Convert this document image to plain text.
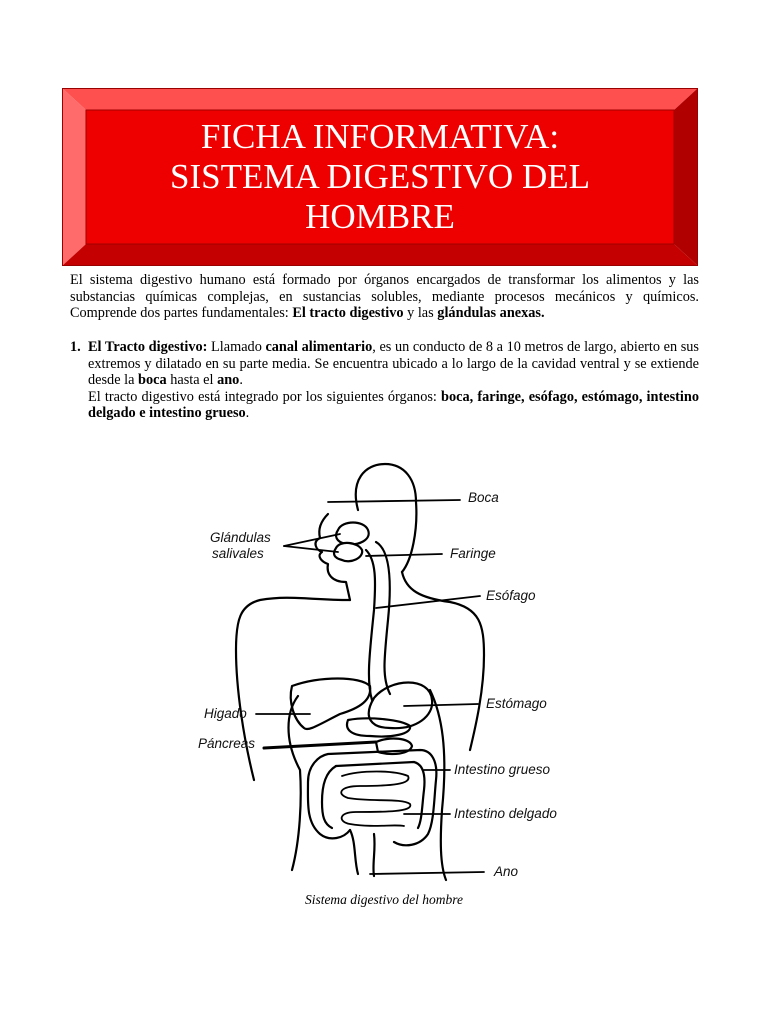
FICHA INFORMATIVA:
SISTEMA DIGESTIVO DEL
HOMBRE
El sistema digestivo humano está formado por órganos encargados de transformar los alimentos y las substancias químicas complejas, en sustancias solubles, mediante procesos mecánicos y químicos. Comprende dos partes fundamentales: El tracto digestivo y las glándulas anexas.
1. El Tracto digestivo: Llamado canal alimentario, es un conducto de 8 a 10 metros de largo, abierto en sus extremos y dilatado en su parte media. Se encuentra ubicado a lo largo de la cavidad ventral y se extiende desde la boca hasta el ano.

El tracto digestivo está integrado por los siguientes órganos: boca, faringe, esófago, estómago, intestino delgado e intestino grueso.

Boca
Glándulas
salivales	Faringe
Esófago
Higado
Estómago
Páncreas
Intestino grueso
Intestino delgado
Ano
Sistema digestivo del hombre
